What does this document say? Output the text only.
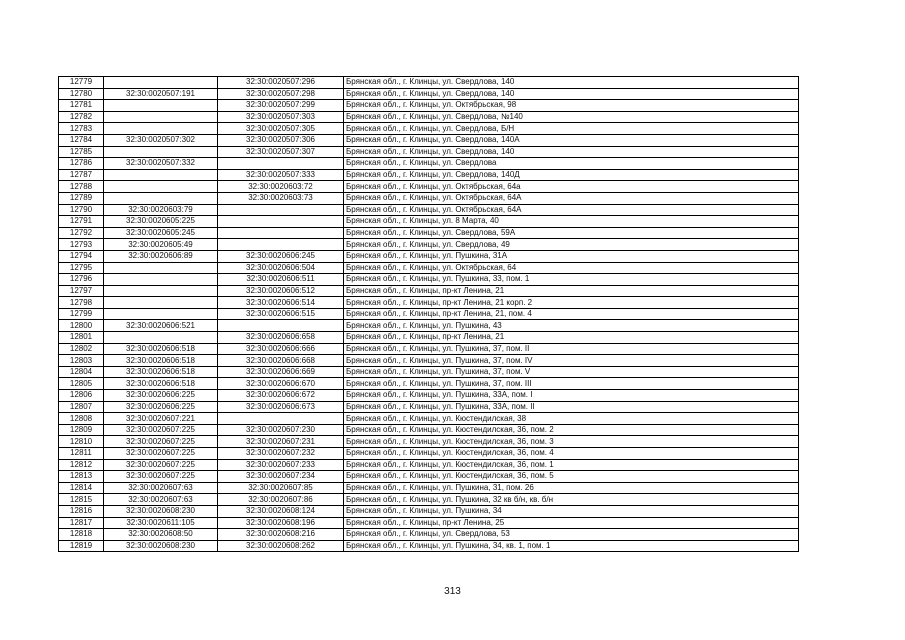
12779		32:30:0020507:296	Брянская обл., г. Клинцы, ул. Свердлова, 140
12780	32:30:0020507:191	32:30:0020507:298	Брянская обл., г. Клинцы, ул. Свердлова, 140
12781		32:30:0020507:299	Брянская обл., г. Клинцы, ул. Октябрьская, 98
12782		32:30:0020507:303	Брянская обл., г. Клинцы, ул. Свердлова, №140
12783		32:30:0020507:305	Брянская обл., г. Клинцы, ул. Свердлова, Б/Н
12784	32:30:0020507:302	32:30:0020507:306	Брянская обл., г. Клинцы, ул. Свердлова, 140А
12785		32:30:0020507:307	Брянская обл., г. Клинцы, ул. Свердлова, 140
12786	32:30:0020507:332		Брянская обл., г. Клинцы, ул. Свердлова
12787		32:30:0020507:333	Брянская обл., г. Клинцы, ул. Свердлова, 140Д
12788		32:30:0020603:72	Брянская обл., г. Клинцы, ул. Октябрьская, 64а
12789		32:30:0020603:73	Брянская обл., г. Клинцы, ул. Октябрьская, 64А
12790	32:30:0020603:79		Брянская обл., г. Клинцы, ул. Октябрьская, 64А
12791	32:30:0020605:225		Брянская обл., г. Клинцы, ул. 8 Марта, 40
12792	32:30:0020605:245		Брянская обл., г. Клинцы, ул. Свердлова, 59А
12793	32:30:0020605:49		Брянская обл., г. Клинцы, ул. Свердлова, 49
12794	32:30:0020606:89	32:30:0020606:245	Брянская обл., г. Клинцы, ул. Пушкина, 31А
12795		32:30:0020606:504	Брянская обл., г. Клинцы, ул. Октябрьская, 64
12796		32:30:0020606:511	Брянская обл., г. Клинцы, ул. Пушкина, 33, пом. 1
12797		32:30:0020606:512	Брянская обл., г. Клинцы, пр-кт Ленина, 21
12798		32:30:0020606:514	Брянская обл., г. Клинцы, пр-кт Ленина, 21 корп. 2
12799		32:30:0020606:515	Брянская обл., г. Клинцы, пр-кт Ленина, 21, пом. 4
12800	32:30:0020606:521		Брянская обл., г. Клинцы, ул. Пушкина, 43
12801		32:30:0020606:658	Брянская обл., г. Клинцы, пр-кт Ленина, 21
12802	32:30:0020606:518	32:30:0020606:666	Брянская обл., г. Клинцы, ул. Пушкина, 37, пом. II
12803	32:30:0020606:518	32:30:0020606:668	Брянская обл., г. Клинцы, ул. Пушкина, 37, пом. IV
12804	32:30:0020606:518	32:30:0020606:669	Брянская обл., г. Клинцы, ул. Пушкина, 37, пом. V
12805	32:30:0020606:518	32:30:0020606:670	Брянская обл., г. Клинцы, ул. Пушкина, 37, пом. III
12806	32:30:0020606:225	32:30:0020606:672	Брянская обл., г. Клинцы, ул. Пушкина, 33А, пом. I
12807	32:30:0020606:225	32:30:0020606:673	Брянская обл., г. Клинцы, ул. Пушкина, 33А, пом. II
12808	32:30:0020607:221		Брянская обл., г. Клинцы, ул. Кюстендилская, 38
12809	32:30:0020607:225	32:30:0020607:230	Брянская обл., г. Клинцы, ул. Кюстендилская, 36, пом. 2
12810	32:30:0020607:225	32:30:0020607:231	Брянская обл., г. Клинцы, ул. Кюстендилская, 36, пом. 3
12811	32:30:0020607:225	32:30:0020607:232	Брянская обл., г. Клинцы, ул. Кюстендилская, 36, пом. 4
12812	32:30:0020607:225	32:30:0020607:233	Брянская обл., г. Клинцы, ул. Кюстендилская, 36, пом. 1
12813	32:30:0020607:225	32:30:0020607:234	Брянская обл., г. Клинцы, ул. Кюстендилская, 36, пом. 5
12814	32:30:0020607:63	32:30:0020607:85	Брянская обл., г. Клинцы, ул. Пушкина, 31, пом. 26
12815	32:30:0020607:63	32:30:0020607:86	Брянская обл., г. Клинцы, ул. Пушкина, 32 кв б/н, кв. б/н
12816	32:30:0020608:230	32:30:0020608:124	Брянская обл., г. Клинцы, ул. Пушкина, 34
12817	32:30:0020611:105	32:30:0020608:196	Брянская обл., г. Клинцы, пр-кт Ленина, 25
12818	32:30:0020608:50	32:30:0020608:216	Брянская обл., г. Клинцы, ул. Свердлова, 53
12819	32:30:0020608:230	32:30:0020608:262	Брянская обл., г. Клинцы, ул. Пушкина, 34, кв. 1, пом. 1
313
